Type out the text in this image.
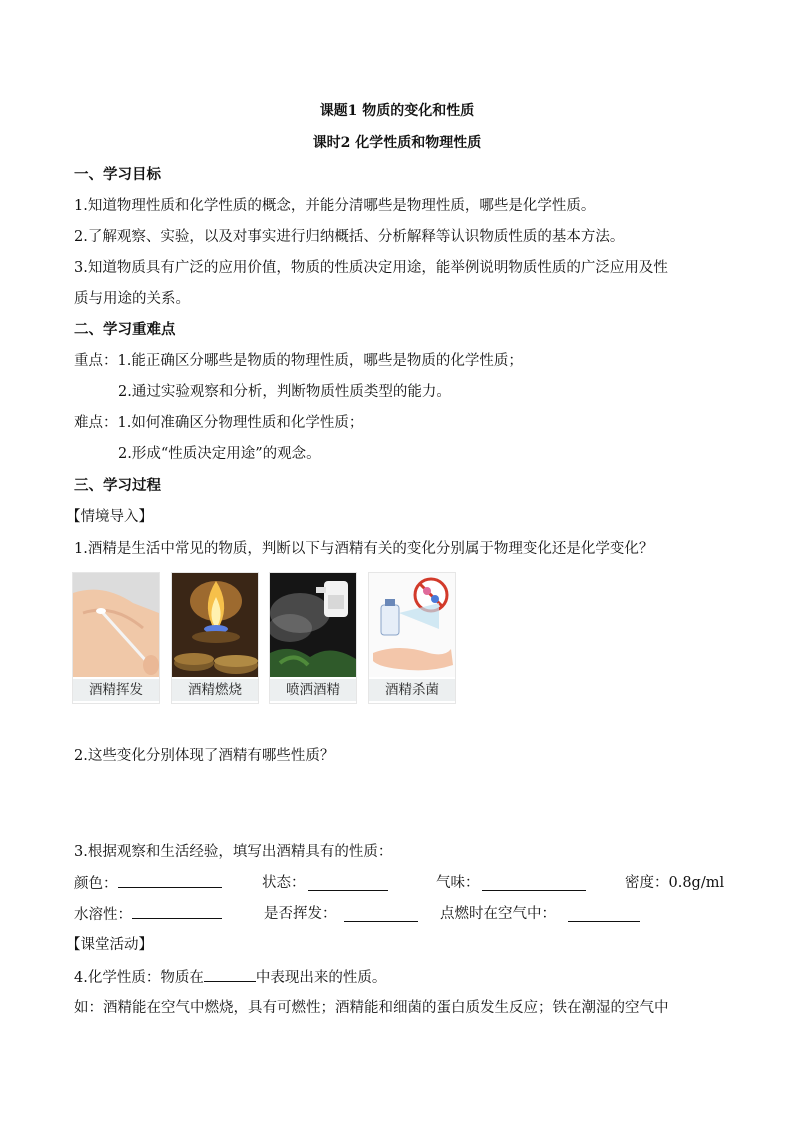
课题1 物质的变化和性质
课时2 化学性质和物理性质
一、学习目标
1.知道物理性质和化学性质的概念，并能分清哪些是物理性质，哪些是化学性质。
2.了解观察、实验，以及对事实进行归纳概括、分析解释等认识物质性质的基本方法。
3.知道物质具有广泛的应用价值，物质的性质决定用途，能举例说明物质性质的广泛应用及性
质与用途的关系。
二、学习重难点
重点：1.能正确区分哪些是物质的物理性质，哪些是物质的化学性质；
2.通过实验观察和分析，判断物质性质类型的能力。
难点：1.如何准确区分物理性质和化学性质；
2.形成“性质决定用途”的观念。
三、学习过程
【情境导入】
1.酒精是生活中常见的物质，判断以下与酒精有关的变化分别属于物理变化还是化学变化？
酒精挥发	酒精燃烧	喷洒酒精	酒精杀菌
2.这些变化分别体现了酒精有哪些性质？
3.根据观察和生活经验，填写出酒精具有的性质：
颜色：	状态：	气味：	密度：0.8g/ml
水溶性：	是否挥发：	点燃时在空气中：
【课堂活动】
4.化学性质：物质在	中表现出来的性质。
如：酒精能在空气中燃烧，具有可燃性；酒精能和细菌的蛋白质发生反应；铁在潮湿的空气中
